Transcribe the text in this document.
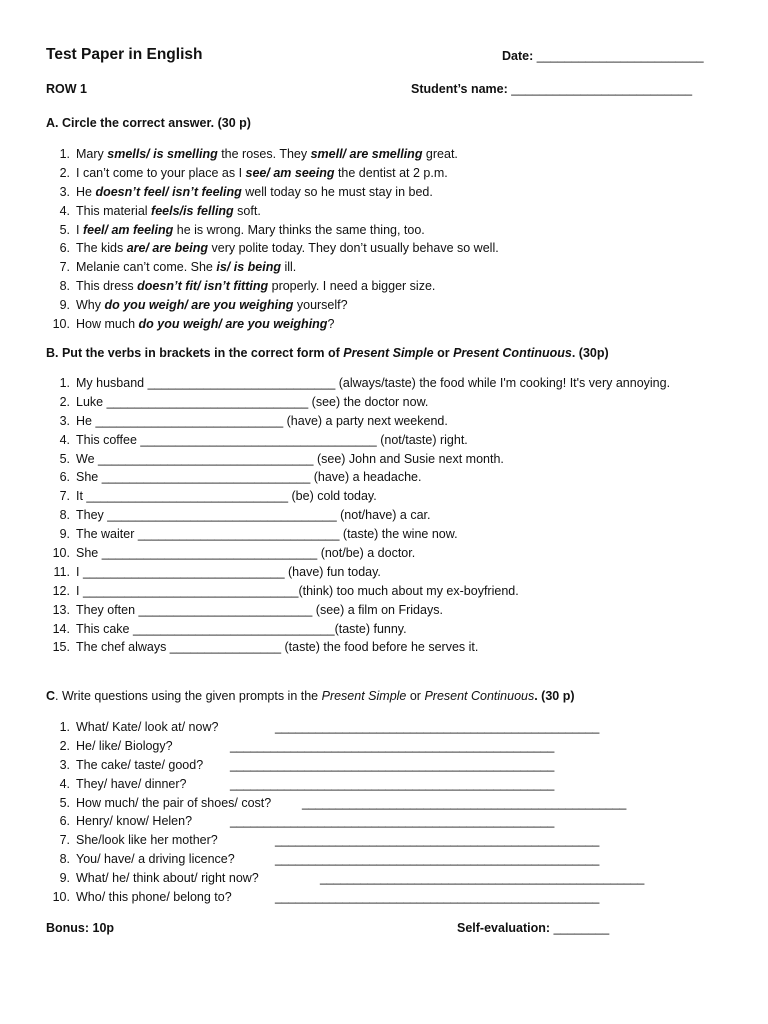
Test Paper in English	Date: ________________________
ROW 1	Student’s name: __________________________
A. Circle the correct answer. (30 p)
1. Mary smells/ is smelling the roses. They smell/ are smelling great.
2. I can’t come to your place as I see/ am seeing the dentist at 2 p.m.
3. He doesn’t feel/ isn’t feeling well today so he must stay in bed.
4. This material feels/is felling soft.
5. I feel/ am feeling he is wrong. Mary thinks the same thing, too.
6. The kids are/ are being very polite today. They don’t usually behave so well.
7. Melanie can’t come. She is/ is being ill.
8. This dress doesn’t fit/ isn’t fitting properly. I need a bigger size.
9. Why do you weigh/ are you weighing yourself?
10. How much do you weigh/ are you weighing?
B. Put the verbs in brackets in the correct form of Present Simple or Present Continuous. (30p)
1. My husband ___________________________ (always/taste) the food while I'm cooking! It's very annoying.
2. Luke _____________________________ (see) the doctor now.
3. He ___________________________ (have) a party next weekend.
4. This coffee __________________________________ (not/taste) right.
5. We _______________________________ (see) John and Susie next month.
6. She ______________________________ (have) a headache.
7. It _____________________________ (be) cold today.
8. They _________________________________ (not/have) a car.
9. The waiter _____________________________ (taste) the wine now.
10. She _______________________________ (not/be) a doctor.
11. I _____________________________ (have) fun today.
12. I _______________________________(think) too much about my ex-boyfriend.
13. They often _________________________ (see) a film on Fridays.
14. This cake _____________________________(taste) funny.
15. The chef always ________________ (taste) the food before he serves it.
C. Write questions using the given prompts in the Present Simple or Present Continuous. (30 p)
1. What/ Kate/ look at/ now?	________________________________________________
2. He/ like/ Biology?	________________________________________________
3. The cake/ taste/ good? ________________________________________________
4. They/ have/ dinner?	________________________________________________
5. How much/ the pair of shoes/ cost? ________________________________________________
6. Henry/ know/ Helen?	________________________________________________
7. She/look like her mother?	________________________________________________
8. You/ have/ a driving licence?	________________________________________________
9. What/ he/ think about/ right now?	________________________________________________
10. Who/ this phone/ belong to?	________________________________________________
Bonus: 10p	Self-evaluation: ________
